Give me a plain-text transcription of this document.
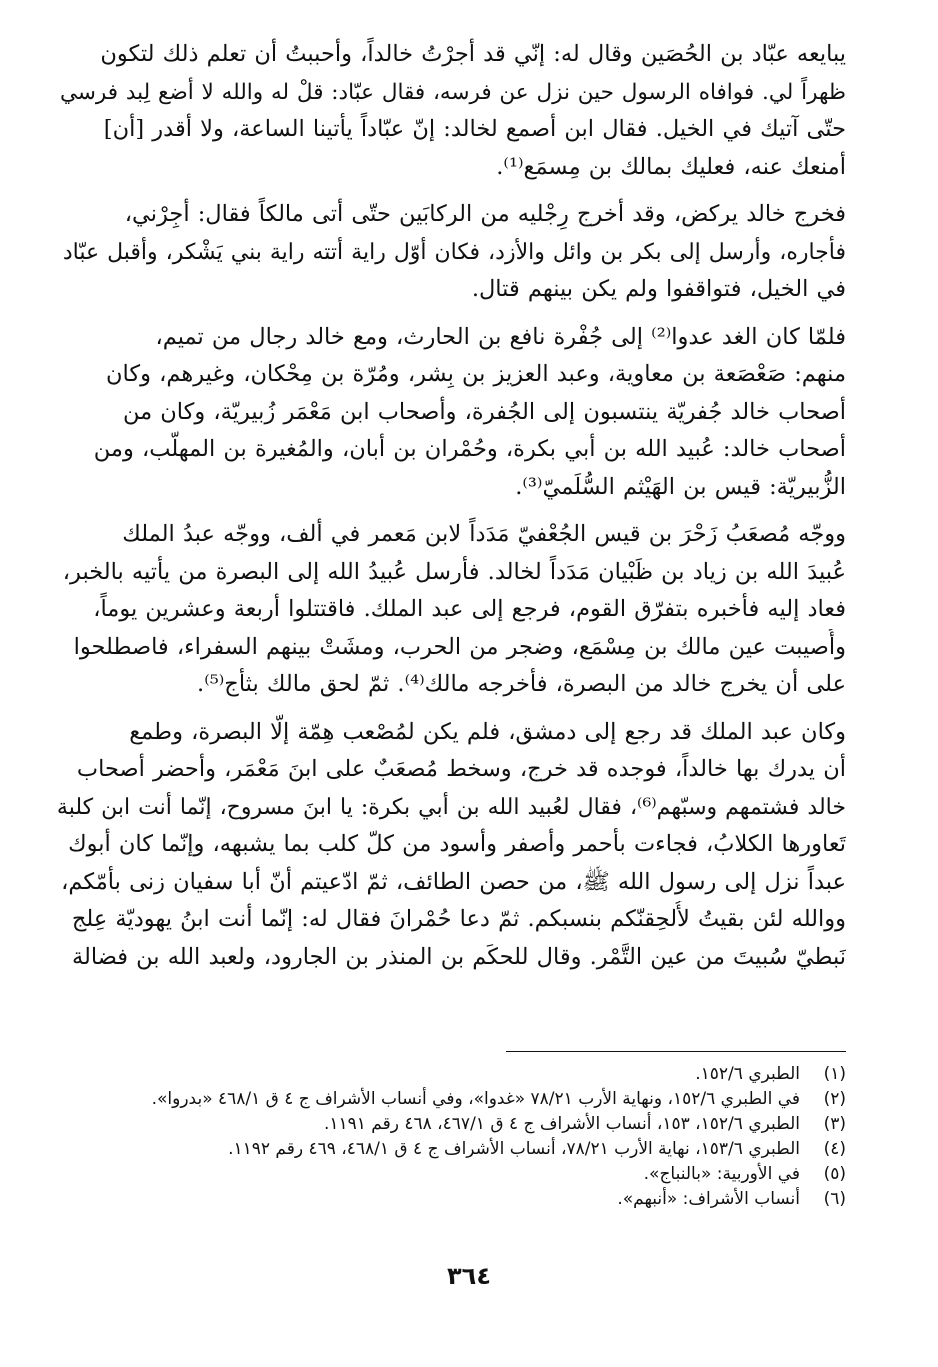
يبايعه عبّاد بن الحُصَين وقال له: إنّي قد أجرْتُ خالداً، وأحببتُ أن تعلم ذلك لتكون
ظهراً لي. فوافاه الرسول حين نزل عن فرسه، فقال عبّاد: قلْ له والله لا أضع لِبد فرسي
حتّى آتيك في الخيل. فقال ابن أصمع لخالد: إنّ عبّاداً يأتينا الساعة، ولا أقدر [أن]
أمنعك عنه، فعليك بمالك بن مِسمَع⁽¹⁾.

فخرج خالد يركض، وقد أخرج رِجْليه من الركابَين حتّى أتى مالكاً فقال: أجِرْني،
فأجاره، وأرسل إلى بكر بن وائل والأزد، فكان أوّل راية أتته راية بني يَشْكر، وأقبل عبّاد
في الخيل، فتواقفوا ولم يكن بينهم قتال.

فلمّا كان الغد عدوا⁽²⁾ إلى جُفْرة نافع بن الحارث، ومع خالد رجال من تميم،
منهم: صَعْصَعة بن معاوية، وعبد العزيز بن بِشر، ومُرّة بن مِحْكان، وغيرهم، وكان
أصحاب خالد جُفريّة ينتسبون إلى الجُفرة، وأصحاب ابن مَعْمَر زُبيريّة، وكان من
أصحاب خالد: عُبيد الله بن أبي بكرة، وحُمْران بن أبان، والمُغيرة بن المهلّب، ومن
الزُّبيريّة: قيس بن الهَيْثم السُّلَميّ⁽³⁾.

ووجّه مُصعَبُ زَحْرَ بن قيس الجُعْفيّ مَدَداً لابن مَعمر في ألف، ووجّه عبدُ الملك
عُبيدَ الله بن زياد بن ظَبْيان مَدَداً لخالد. فأرسل عُبيدُ الله إلى البصرة من يأتيه بالخبر،
فعاد إليه فأخبره بتفرّق القوم، فرجع إلى عبد الملك. فاقتتلوا أربعة وعشرين يوماً،
وأُصيبت عين مالك بن مِسْمَع، وضجر من الحرب، ومشَتْ بينهم السفراء، فاصطلحوا
على أن يخرج خالد من البصرة، فأخرجه مالك⁽⁴⁾. ثمّ لحق مالك بثأج⁽⁵⁾.

وكان عبد الملك قد رجع إلى دمشق، فلم يكن لمُصْعب هِمّة إلّا البصرة، وطمع
أن يدرك بها خالداً، فوجده قد خرج، وسخط مُصعَبٌ على ابنَ مَعْمَر، وأحضر أصحاب
خالد فشتمهم وسبّهم⁽⁶⁾، فقال لعُبيد الله بن أبي بكرة: يا ابنَ مسروح، إنّما أنت ابن كلبة
تَعاورها الكلابُ، فجاءت بأحمر وأصفر وأسود من كلّ كلب بما يشبهه، وإنّما كان أبوك
عبداً نزل إلى رسول الله ﷺ، من حصن الطائف، ثمّ ادّعيتم أنّ أبا سفيان زنى بأمّكم،
ووالله لئن بقيتُ لأُلحِقنّكم بنسبكم. ثمّ دعا حُمْرانَ فقال له: إنّما أنت ابنُ يهوديّة عِلج
نَبطيّ سُبيتَ من عين التَّمْر. وقال للحكَم بن المنذر بن الجارود، ولعبد الله بن فضالة

(١)
الطبري ١٥٢/٦.
(٢)
في الطبري ١٥٢/٦، ونهاية الأرب ٧٨/٢١ «غدوا»، وفي أنساب الأشراف ج ٤ ق ٤٦٨/١ «بدروا».
(٣)
الطبري ١٥٢/٦، ١٥٣، أنساب الأشراف ج ٤ ق ٤٦٧/١، ٤٦٨ رقم ١١٩١.
(٤)
الطبري ١٥٣/٦، نهاية الأرب ٧٨/٢١، أنساب الأشراف ج ٤ ق ٤٦٨/١، ٤٦٩ رقم ١١٩٢.
(٥)
في الأوربية: «بالنباج».
(٦)
أنساب الأشراف: «أنبهم».
٣٦٤
